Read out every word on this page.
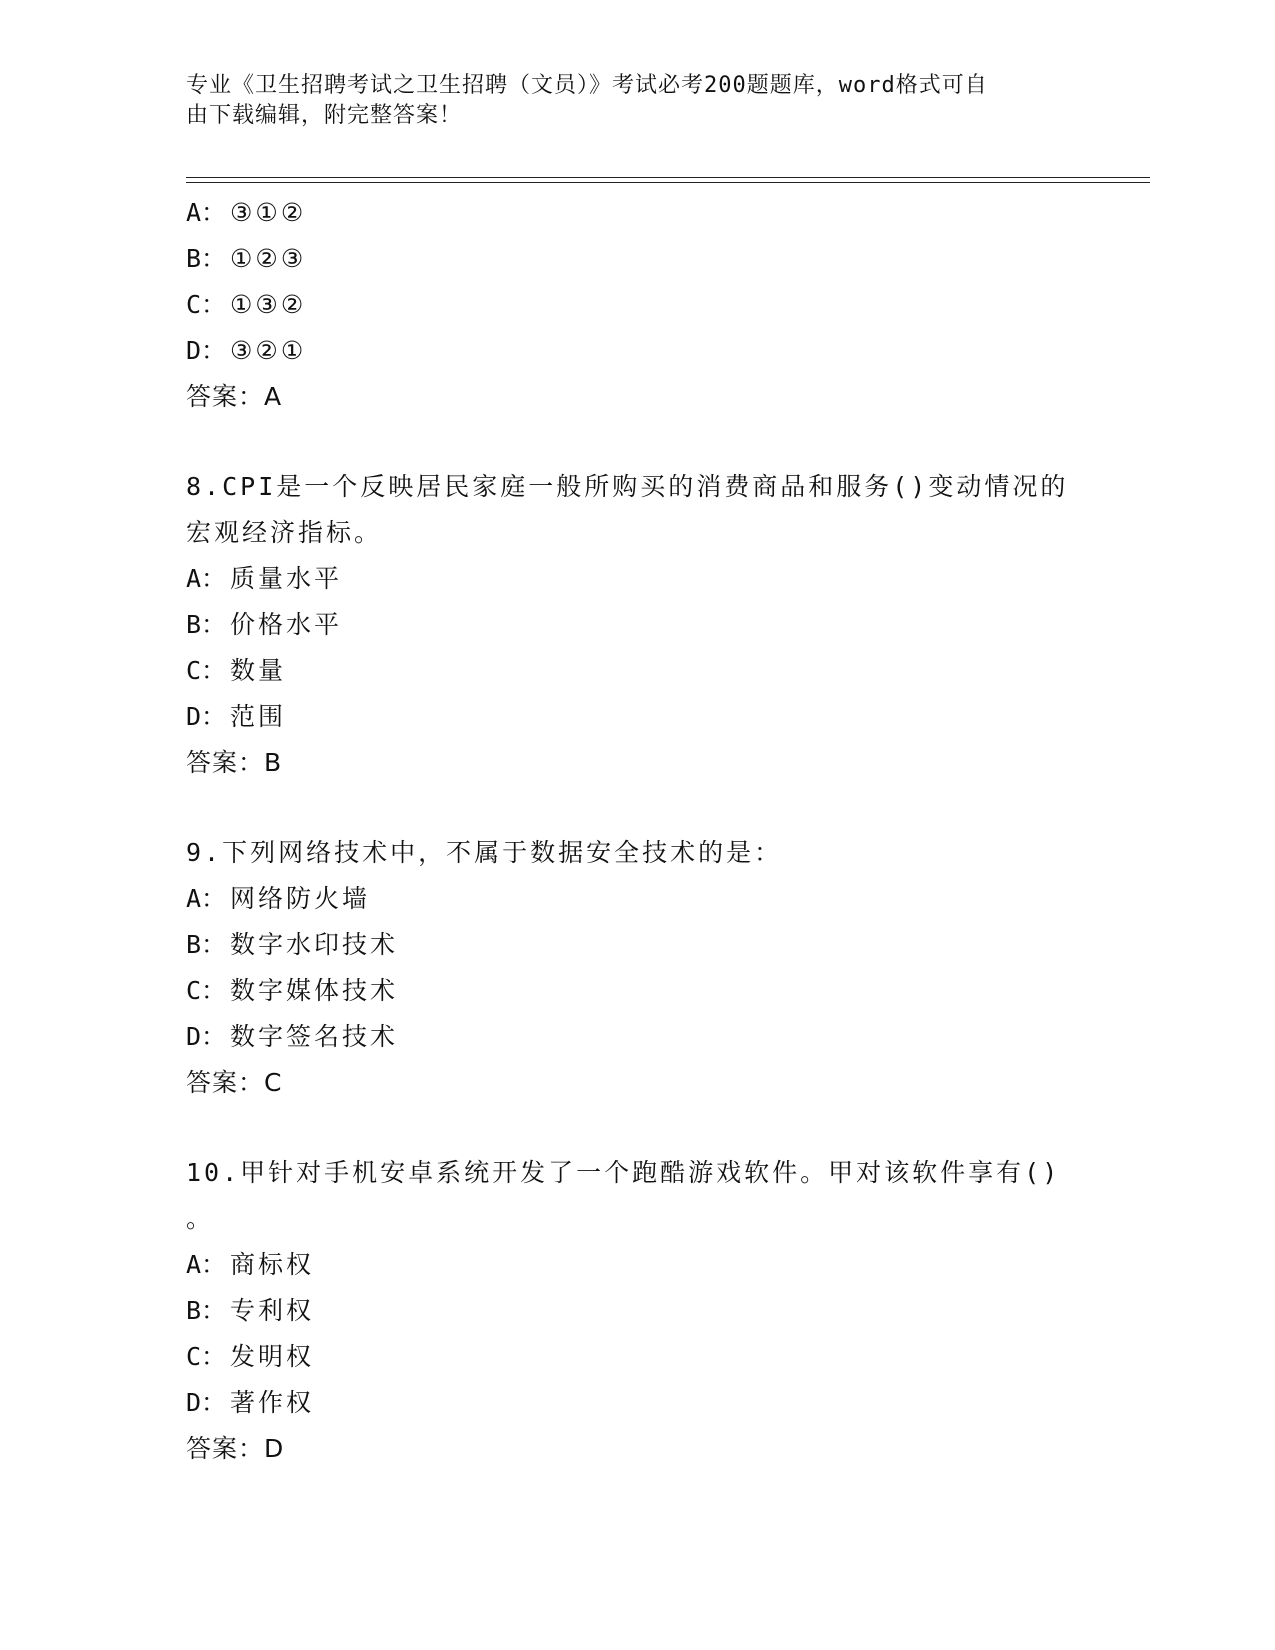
专业《卫生招聘考试之卫生招聘（文员）》考试必考200题题库，word格式可自
由下载编辑，附完整答案！
A： ③①②
B： ①②③
C： ①③②
D： ③②①
答案：A
8.CPI是一个反映居民家庭一般所购买的消费商品和服务()变动情况的
宏观经济指标。
A： 质量水平
B： 价格水平
C： 数量
D： 范围
答案：B
9.下列网络技术中，不属于数据安全技术的是：
A： 网络防火墙
B： 数字水印技术
C： 数字媒体技术
D： 数字签名技术
答案：C
10.甲针对手机安卓系统开发了一个跑酷游戏软件。甲对该软件享有()
。
A： 商标权
B： 专利权
C： 发明权
D： 著作权
答案：D
